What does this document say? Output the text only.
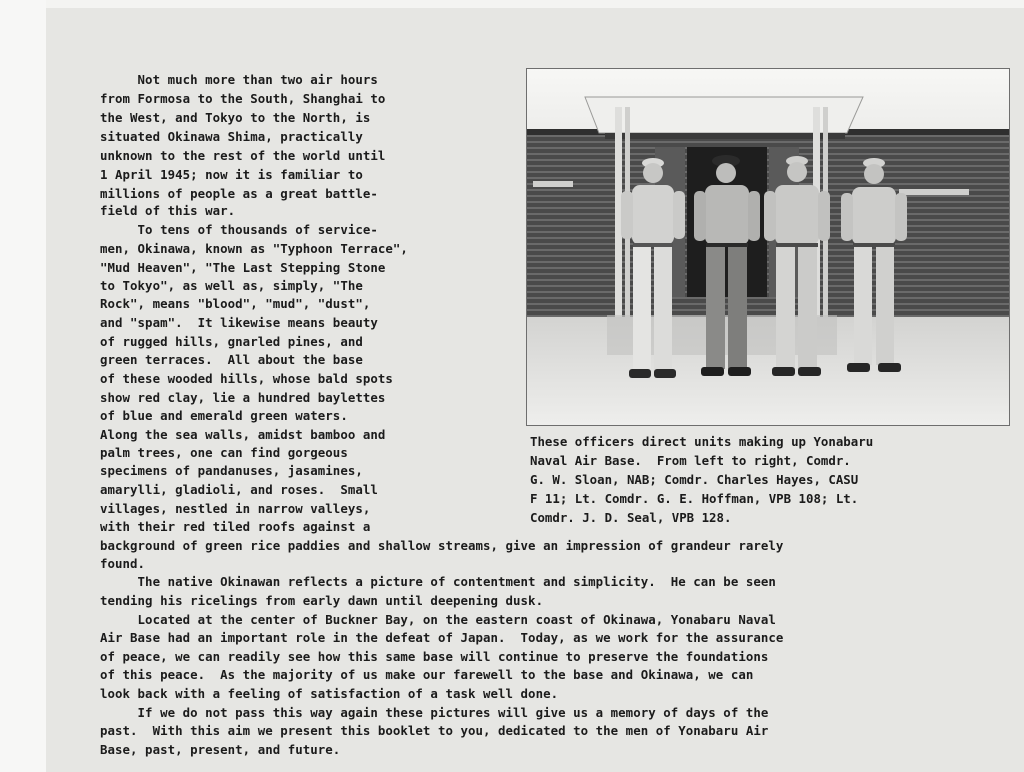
Not much more than two air hours
from Formosa to the South, Shanghai to
the West, and Tokyo to the North, is
situated Okinawa Shima, practically
unknown to the rest of the world until
1 April 1945; now it is familiar to
millions of people as a great battle-
field of this war.
To tens of thousands of service-
men, Okinawa, known as "Typhoon Terrace",
"Mud Heaven", "The Last Stepping Stone
to Tokyo", as well as, simply, "The
Rock", means "blood", "mud", "dust",
and "spam".  It likewise means beauty
of rugged hills, gnarled pines, and
green terraces.  All about the base
of these wooded hills, whose bald spots
show red clay, lie a hundred baylettes
of blue and emerald green waters.
Along the sea walls, amidst bamboo and
palm trees, one can find gorgeous
specimens of pandanuses, jasamines,
amarylli, gladioli, and roses.  Small
villages, nestled in narrow valleys,
with their red tiled roofs against a
These officers direct units making up Yonabaru
Naval Air Base.  From left to right, Comdr.
G. W. Sloan, NAB; Comdr. Charles Hayes, CASU
F 11; Lt. Comdr. G. E. Hoffman, VPB 108; Lt.
Comdr. J. D. Seal, VPB 128.
background of green rice paddies and shallow streams, give an impression of grandeur rarely
found.
The native Okinawan reflects a picture of contentment and simplicity.  He can be seen
tending his ricelings from early dawn until deepening dusk.
Located at the center of Buckner Bay, on the eastern coast of Okinawa, Yonabaru Naval
Air Base had an important role in the defeat of Japan.  Today, as we work for the assurance
of peace, we can readily see how this same base will continue to preserve the foundations
of this peace.  As the majority of us make our farewell to the base and Okinawa, we can
look back with a feeling of satisfaction of a task well done.
If we do not pass this way again these pictures will give us a memory of days of the
past.  With this aim we present this booklet to you, dedicated to the men of Yonabaru Air
Base, past, present, and future.
